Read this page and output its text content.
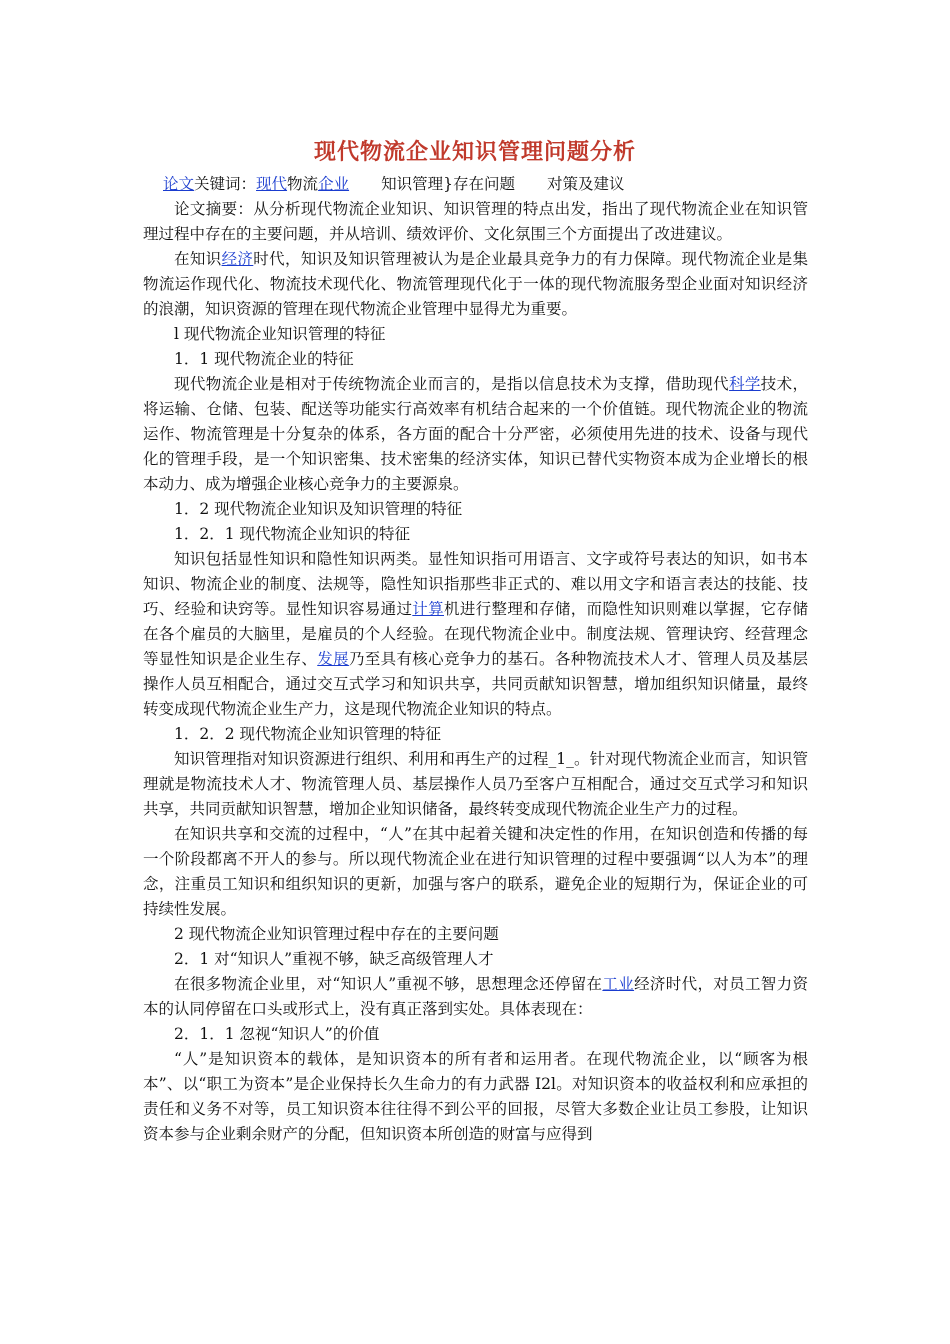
现代物流企业知识管理问题分析

论文关键词：现代物流企业 知识管理}存在问题 对策及建议

论文摘要：从分析现代物流企业知识、知识管理的特点出发，指出了现代物流企业在知识管理过程中存在的主要问题，并从培训、绩效评价、文化氛围三个方面提出了改进建议。

在知识经济时代，知识及知识管理被认为是企业最具竞争力的有力保障。现代物流企业是集物流运作现代化、物流技术现代化、物流管理现代化于一体的现代物流服务型企业面对知识经济的浪潮，知识资源的管理在现代物流企业管理中显得尤为重要。

l 现代物流企业知识管理的特征

1．1 现代物流企业的特征

现代物流企业是相对于传统物流企业而言的，是指以信息技术为支撑，借助现代科学技术，将运输、仓储、包装、配送等功能实行高效率有机结合起来的一个价值链。现代物流企业的物流运作、物流管理是十分复杂的体系，各方面的配合十分严密，必须使用先进的技术、设备与现代化的管理手段，是一个知识密集、技术密集的经济实体，知识已替代实物资本成为企业增长的根本动力、成为增强企业核心竞争力的主要源泉。

1．2 现代物流企业知识及知识管理的特征

1．2．1 现代物流企业知识的特征

知识包括显性知识和隐性知识两类。显性知识指可用语言、文字或符号表达的知识，如书本知识、物流企业的制度、法规等，隐性知识指那些非正式的、难以用文字和语言表达的技能、技巧、经验和诀窍等。显性知识容易通过计算机进行整理和存储，而隐性知识则难以掌握，它存储在各个雇员的大脑里，是雇员的个人经验。在现代物流企业中。制度法规、管理诀窍、经营理念等显性知识是企业生存、发展乃至具有核心竞争力的基石。各种物流技术人才、管理人员及基层操作人员互相配合，通过交互式学习和知识共享，共同贡献知识智慧，增加组织知识储量，最终转变成现代物流企业生产力，这是现代物流企业知识的特点。

1．2．2 现代物流企业知识管理的特征

知识管理指对知识资源进行组织、利用和再生产的过程_1_。针对现代物流企业而言，知识管理就是物流技术人才、物流管理人员、基层操作人员乃至客户互相配合，通过交互式学习和知识共享，共同贡献知识智慧，增加企业知识储备，最终转变成现代物流企业生产力的过程。

在知识共享和交流的过程中，“人”在其中起着关键和决定性的作用，在知识创造和传播的每一个阶段都离不开人的参与。所以现代物流企业在进行知识管理的过程中要强调“以人为本”的理念，注重员工知识和组织知识的更新，加强与客户的联系，避免企业的短期行为，保证企业的可持续性发展。

2 现代物流企业知识管理过程中存在的主要问题

2．1 对“知识人”重视不够，缺乏高级管理人才

在很多物流企业里，对“知识人”重视不够，思想理念还停留在工业经济时代，对员工智力资本的认同停留在口头或形式上，没有真正落到实处。具体表现在：

2．1．1 忽视“知识人”的价值

“人”是知识资本的载体，是知识资本的所有者和运用者。在现代物流企业，以“顾客为根本”、以“职工为资本”是企业保持长久生命力的有力武器 I2l。对知识资本的收益权利和应承担的责任和义务不对等，员工知识资本往往得不到公平的回报，尽管大多数企业让员工参股，让知识资本参与企业剩余财产的分配，但知识资本所创造的财富与应得到
